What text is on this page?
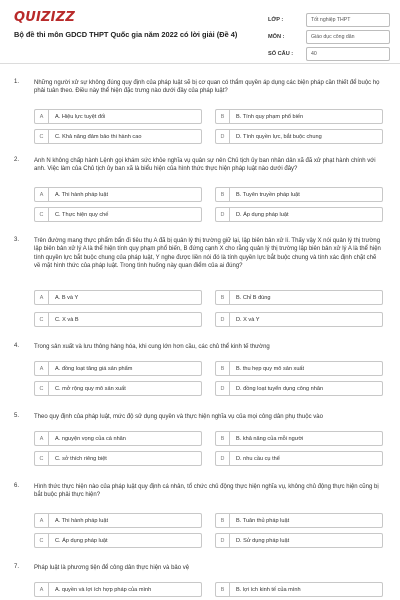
QUIZIZZ
Bộ đề thi môn GDCD THPT Quốc gia năm 2022 có lời giải (Đề 4)
LỚP :	Tốt nghiệp THPT
MÔN :	Giáo dục công dân
SỐ CÂU :	40
1. Những người xử sự không đúng quy định của pháp luật sẽ bị cơ quan có thẩm quyền áp dụng các biện pháp cần thiết để buộc họ phải tuân theo. Điều này thể hiện đặc trưng nào dưới đây của pháp luật?
A	A. Hiệu lực tuyệt đối	B	B. Tính quy phạm phổ biến
C	C. Khả năng đảm bảo thi hành cao	D	D. Tính quyền lực, bắt buộc chung
2. Anh N không chấp hành Lệnh gọi khám sức khỏe nghĩa vụ quân sự nên Chủ tịch ủy ban nhân dân xã đã xử phạt hành chính với anh. Việc làm của Chủ tịch ủy ban xã là biểu hiện của hình thức thực hiện pháp luật nào dưới đây?
A	A. Thi hành pháp luật	B	B. Tuyên truyền pháp luật
C	C. Thực hiện quy chế	D	D. Áp dụng pháp luật
3. Trên đường mang thực phẩm bẩn đi tiêu thụ A đã bị quản lý thị trường giữ lại, lập biên bản xử lí. Thấy vậy X nói quản lý thị trường lập biên bản xử lý A là thể hiện tính quy phạm phổ biến, B đứng cạnh X cho rằng quản lý thị trường lập biên bản xử lý A là thể hiện tính quyền lực bắt buộc chung của pháp luật, Y nghe được liền nói đó là tính quyền lực bắt buộc chung và tính xác định chặt chẽ về mặt hình thức của pháp luật. Trong tình huống này quan điểm của ai đúng?
A	A. B và Y	B	B. Chỉ B đúng
C	C. X và B	D	D. X và Y
4. Trong sản xuất và lưu thông hàng hóa, khi cung lớn hơn cầu, các chủ thể kinh tế thường
A	A. đồng loạt tăng giá sản phẩm	B	B. thu hẹp quy mô sản xuất
C	C. mở rộng quy mô sản xuất	D	D. đồng loạt tuyển dụng công nhân
5. Theo quy định của pháp luật, mức độ sử dụng quyền và thực hiện nghĩa vụ của mọi công dân phụ thuộc vào
A	A. nguyện vọng của cá nhân	B	B. khả năng của mỗi người
C	C. sở thích riêng biệt	D	D. nhu cầu cụ thể
6. Hình thức thực hiện nào của pháp luật quy định cá nhân, tổ chức chủ động thực hiện nghĩa vụ, không chủ động thực hiện cũng bị bắt buộc phải thực hiện?
A	A. Thi hành pháp luật	B	B. Tuân thủ pháp luật
C	C. Áp dụng pháp luật	D	D. Sử dụng pháp luật
7. Pháp luật là phương tiện để công dân thực hiện và bảo vệ
A	A. quyền và lợi ích hợp pháp của mình	B	B. lợi ích kinh tế của mình
